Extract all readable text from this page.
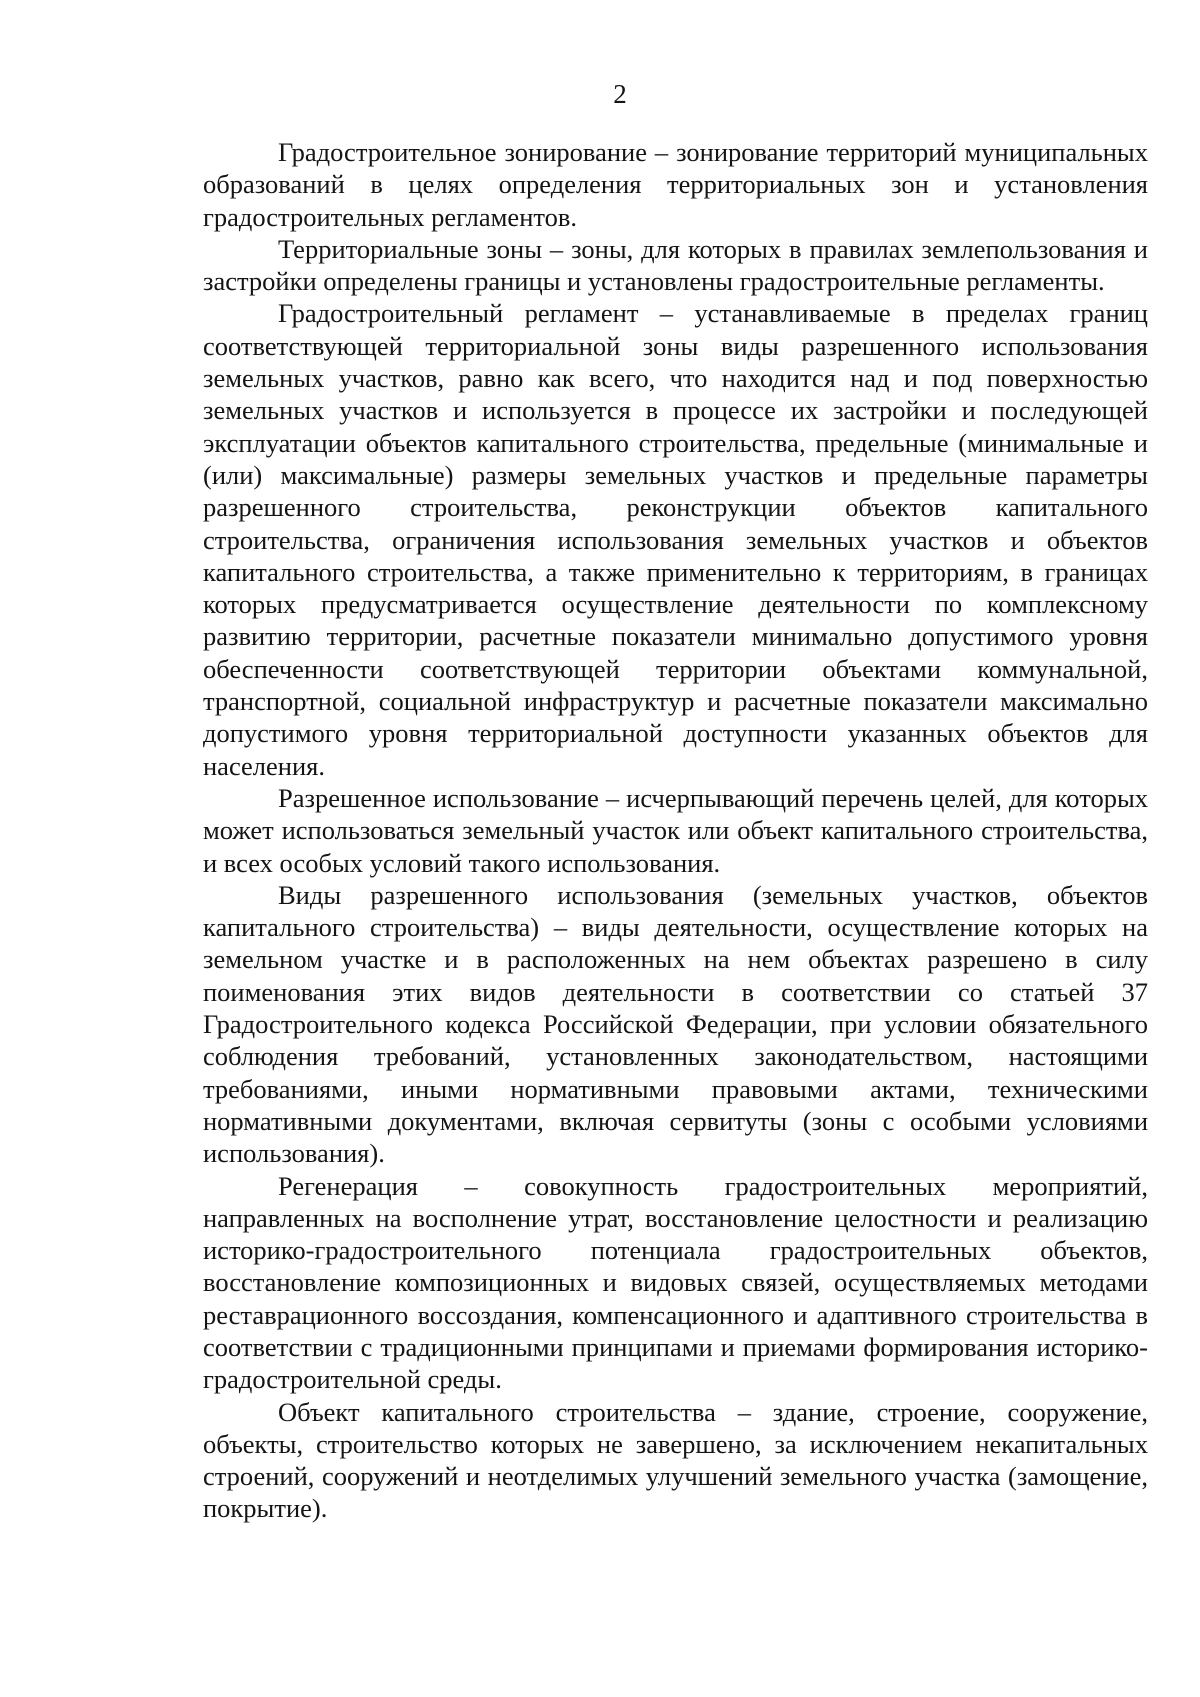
2

Градостроительное зонирование – зонирование территорий муниципальных образований в целях определения территориальных зон и установления градостроительных регламентов.

Территориальные зоны – зоны, для которых в правилах землепользования и застройки определены границы и установлены градостроительные регламенты.

Градостроительный регламент – устанавливаемые в пределах границ соответствующей территориальной зоны виды разрешенного использования земельных участков, равно как всего, что находится над и под поверхностью земельных участков и используется в процессе их застройки и последующей эксплуатации объектов капитального строительства, предельные (минимальные и (или) максимальные) размеры земельных участков и предельные параметры разрешенного строительства, реконструкции объектов капитального строительства, ограничения использования земельных участков и объектов капитального строительства, а также применительно к территориям, в границах которых предусматривается осуществление деятельности по комплексному развитию территории, расчетные показатели минимально допустимого уровня обеспеченности соответствующей территории объектами коммунальной, транспортной, социальной инфраструктур и расчетные показатели максимально допустимого уровня территориальной доступности указанных объектов для населения.

Разрешенное использование – исчерпывающий перечень целей, для которых может использоваться земельный участок или объект капитального строительства, и всех особых условий такого использования.

Виды разрешенного использования (земельных участков, объектов капитального строительства) – виды деятельности, осуществление которых на земельном участке и в расположенных на нем объектах разрешено в силу поименования этих видов деятельности в соответствии со статьей 37 Градостроительного кодекса Российской Федерации, при условии обязательного соблюдения требований, установленных законодательством, настоящими требованиями, иными нормативными правовыми актами, техническими нормативными документами, включая сервитуты (зоны с особыми условиями использования).

Регенерация – совокупность градостроительных мероприятий, направленных на восполнение утрат, восстановление целостности и реализацию историко-градостроительного потенциала градостроительных объектов, восстановление композиционных и видовых связей, осуществляемых методами реставрационного воссоздания, компенсационного и адаптивного строительства в соответствии с традиционными принципами и приемами формирования историко-градостроительной среды.

Объект капитального строительства – здание, строение, сооружение, объекты, строительство которых не завершено, за исключением некапитальных строений, сооружений и неотделимых улучшений земельного участка (замощение, покрытие).
